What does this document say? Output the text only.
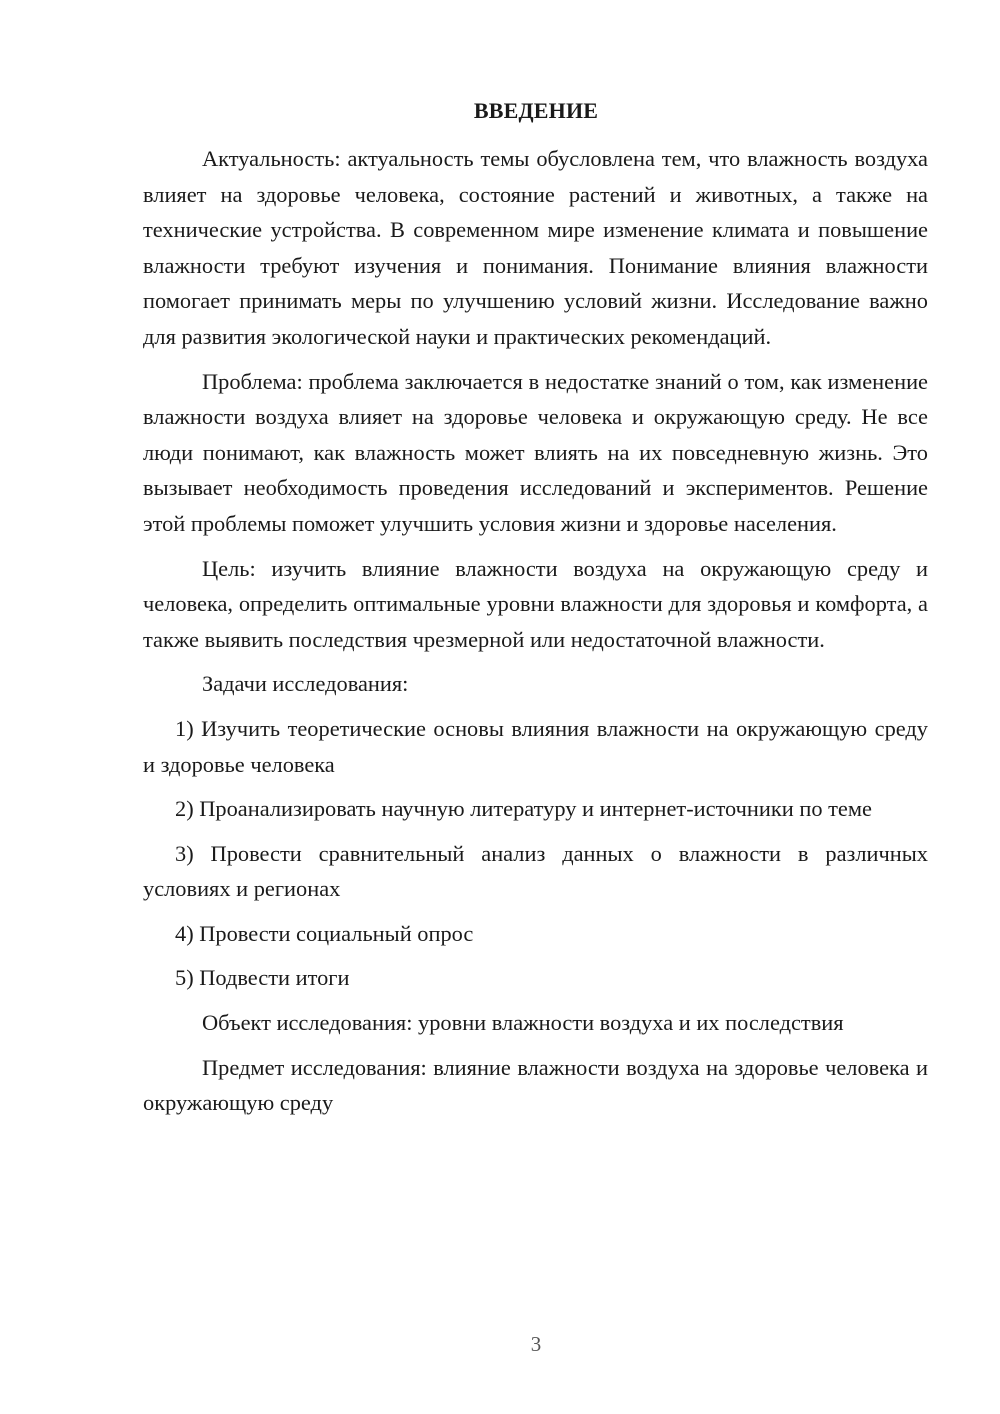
ВВЕДЕНИЕ

Актуальность: актуальность темы обусловлена тем, что влажность воздуха влияет на здоровье человека, состояние растений и животных, а также на технические устройства. В современном мире изменение климата и повышение влажности требуют изучения и понимания. Понимание влияния влажности помогает принимать меры по улучшению условий жизни. Исследование важно для развития экологической науки и практических рекомендаций.

Проблема: проблема заключается в недостатке знаний о том, как изменение влажности воздуха влияет на здоровье человека и окружающую среду. Не все люди понимают, как влажность может влиять на их повседневную жизнь. Это вызывает необходимость проведения исследований и экспериментов. Решение этой проблемы поможет улучшить условия жизни и здоровье населения.

Цель: изучить влияние влажности воздуха на окружающую среду и человека, определить оптимальные уровни влажности для здоровья и комфорта, а также выявить последствия чрезмерной или недостаточной влажности.

Задачи исследования:

1) Изучить теоретические основы влияния влажности на окружающую среду и здоровье человека

2) Проанализировать научную литературу и интернет-источники по теме

3) Провести сравнительный анализ данных о влажности в различных условиях и регионах

4) Провести социальный опрос

5) Подвести итоги

Объект исследования: уровни влажности воздуха и их последствия

Предмет исследования: влияние влажности воздуха на здоровье человека и окружающую среду

3
